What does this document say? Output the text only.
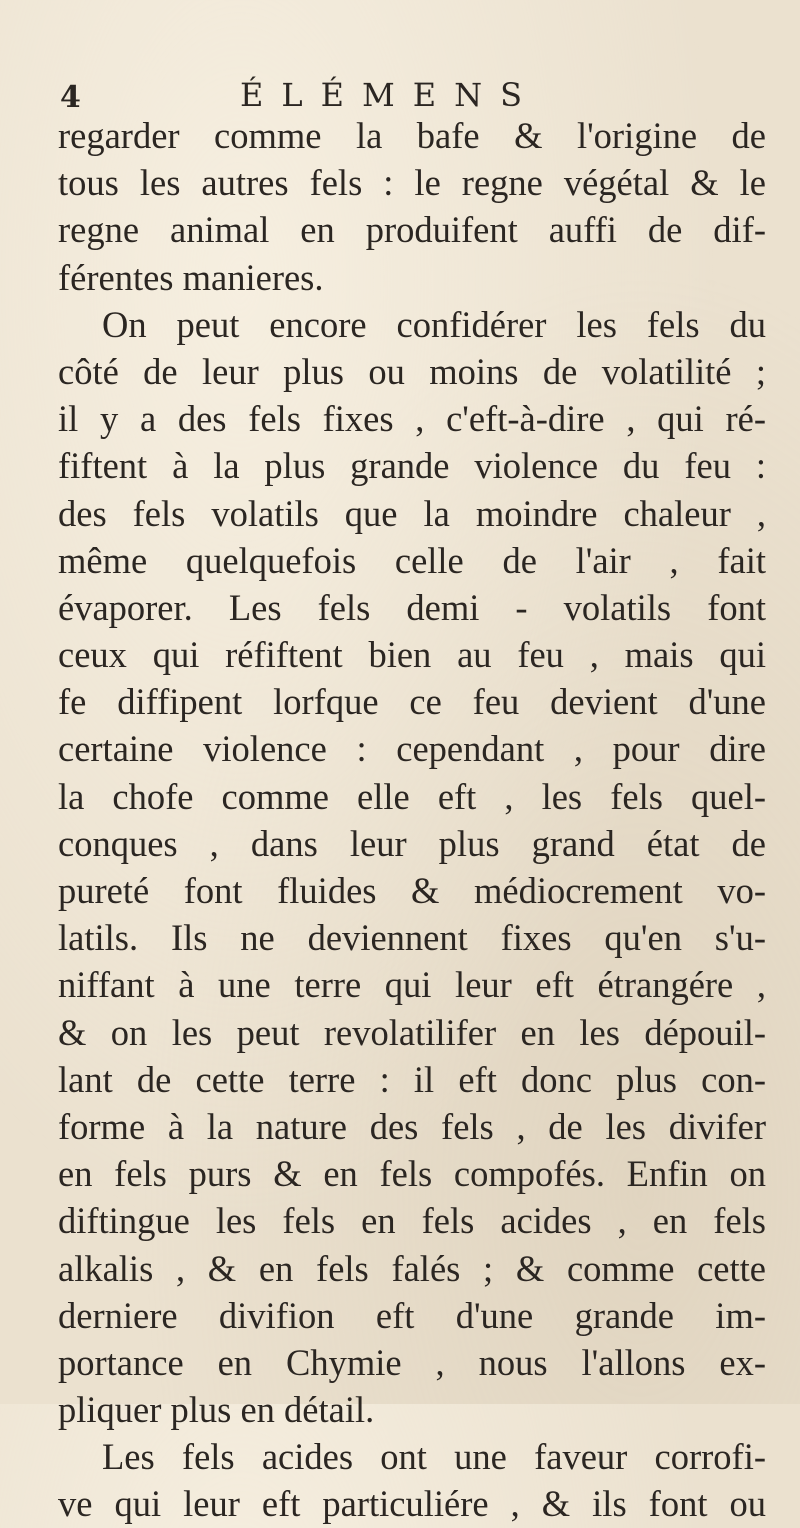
4	ÉLÉMENS
regarder comme la bafe & l'origine de
tous les autres fels : le regne végétal & le
regne animal en produifent auffi de dif-
férentes manieres.
On peut encore confidérer les fels du
côté de leur plus ou moins de volatilité ;
il y a des fels fixes , c'eft-à-dire , qui ré-
fiftent à la plus grande violence du feu :
des fels volatils que la moindre chaleur ,
même quelquefois celle de l'air , fait
évaporer. Les fels demi - volatils font
ceux qui réfiftent bien au feu , mais qui
fe diffipent lorfque ce feu devient d'une
certaine violence : cependant , pour dire
la chofe comme elle eft , les fels quel-
conques , dans leur plus grand état de
pureté font fluides & médiocrement vo-
latils. Ils ne deviennent fixes qu'en s'u-
niffant à une terre qui leur eft étrangére ,
& on les peut revolatilifer en les dépouil-
lant de cette terre : il eft donc plus con-
forme à la nature des fels , de les divifer
en fels purs & en fels compofés. Enfin on
diftingue les fels en fels acides , en fels
alkalis , & en fels falés ; & comme cette
derniere divifion eft d'une grande im-
portance en Chymie , nous l'allons ex-
pliquer plus en détail.
Les fels acides ont une faveur corrofi-
ve qui leur eft particuliére , & ils font ou
